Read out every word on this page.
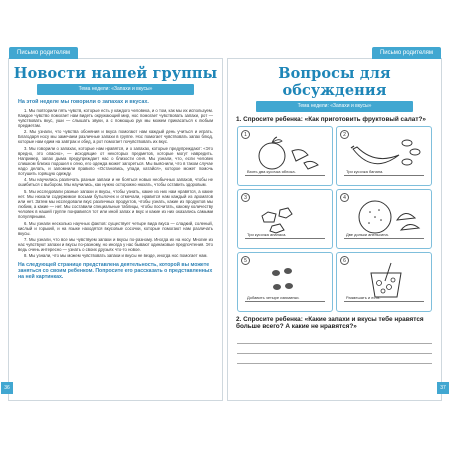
Письмо родителям
Новости нашей группы
Тема недели: «Запахи и вкусы»
На этой неделе мы говорили о запахах и вкусах.

1. Мы повторили пять чувств, которые есть у каждого человека, и о том, как мы их используем. Каждое чувство помогает нам видеть окружающий мир, нос помогает чувствовать запахи, рот — чувствовать вкус, уши — слышать звуки, а с помощью рук мы можем прикасаться к любым предметам.

2. Мы узнали, что чувства обоняния и вкуса помогают нам каждый день учиться и играть. Благодаря носу мы замечаем различные запахи в группе. Нос помогает чувствовать запах блюд, которые нам едим на завтрак и обед, а рот помогает почувствовать их вкус.

3. Мы говорили о запахах, которые нам нравятся, и о запахах, которые предупреждают: «Это вредно, это опасно», — исходящие от некоторых предметов, которые могут навредить. Например, запах дыма предупреждает нас о близости огня. Мы узнали, что, если человек слишком близко подошел к огню, его одежда может загореться. Мы выяснили, что в таком случае надо делать, и запомнили правило «Остановись, упади, катайся», которое может помочь потушить горящую одежду.

4. Мы научились различать разные запахи и не бояться новых необычных запахов, чтобы не ошибиться с выбором. Мы научились, как нужно осторожно нюхать, чтобы оставить здоровым.

5. Мы исследовали разные запахи и вкусы, чтобы узнать, какие из них нам нравятся, а какие нет. Мы нюхали содержимое восьми бутылочек и отмечали, нравится нам каждый из ароматов или нет. Затем мы исследовали вкус различных продуктов, чтобы узнать, какие из продуктов мы любим, а какие — нет. Мы составили специальные таблицы, чтобы посчитать, какому количеству человек в нашей группе понравился тот или иной запах и вкус и какие из них оказались самыми популярными.

6. Мы узнали несколько научных фактов: существует четыре вида вкуса — сладкий, соленый, кислый и горький, и на языке находятся вкусовые сосочки, которые помогают нам различать вкусы.

7. Мы узнали, что все мы чувствуем запахи и вкусы по-разному. Иногда их на носу. Многие из нас чувствуют запахи и вкусы по-разному, но иногда у нас бывают одинаковые предпочтения. Это ведь очень интересно — узнать о своих друзьях что-то новое.

8. Мы узнали, что мы можем чувствовать запахи и вкусы не везде, иногда нос помогает нам.

На следующей странице представлена деятельность, которой вы можете заняться со своим ребенком. Попросите его рассказать о представленных на ней картинках.
36
Письмо родителям
Вопросы для обсуждения
Тема недели: «Запахи и вкусы»
1. Спросите ребенка: «Как приготовить фруктовый салат?»
1
Взять два кусочка яблока.
2
Три кусочка банана.
3
Три кусочка ананаса.
4
Две дольки апельсина.
5
Добавить четыре изюминки.
6
Размешать и есть.
2. Спросите ребенка: «Какие запахи и вкусы тебе нравятся больше всего? А какие не нравятся?»
37
